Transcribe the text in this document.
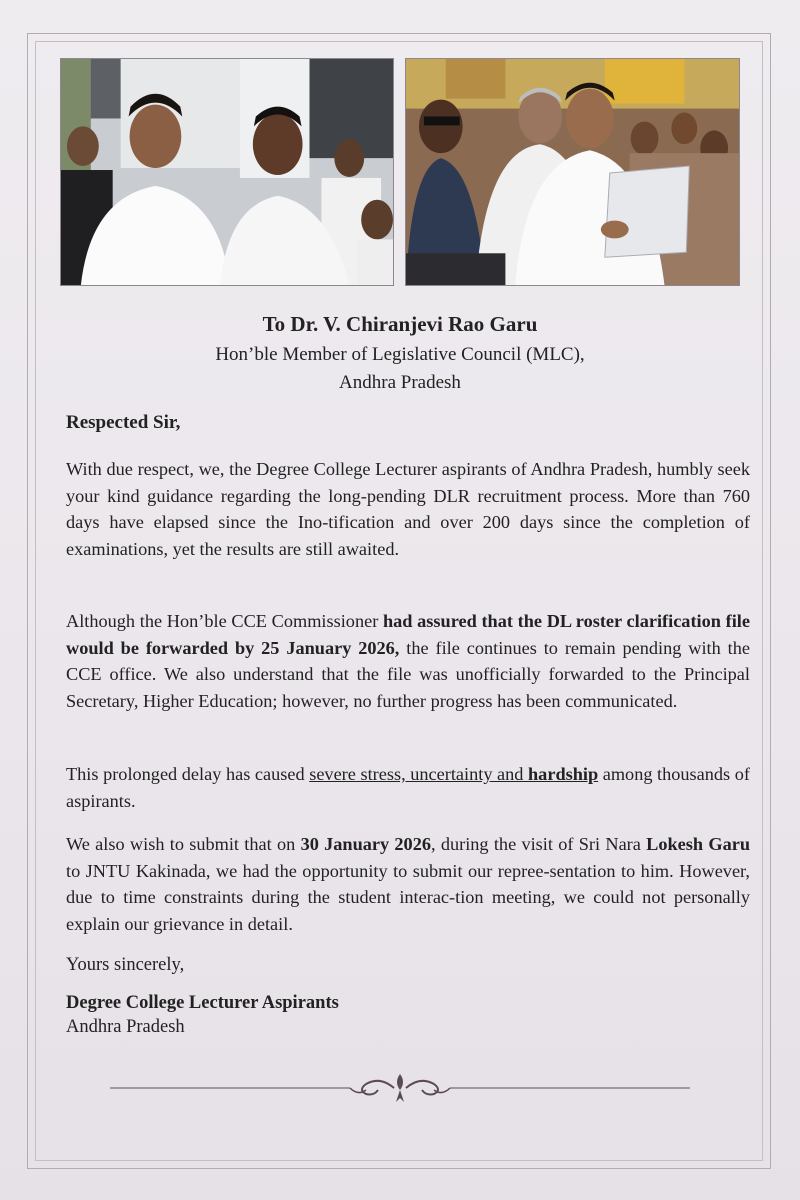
To Dr. V. Chiranjevi Rao Garu
Hon’ble Member of Legislative Council (MLC),
Andhra Pradesh
Respected Sir,
With due respect, we, the Degree College Lecturer aspirants of Andhra Pradesh, humbly seek your kind guidance regarding the long-pending DLR recruitment process. More than 760 days have elapsed since the Ino-tification and over 200 days since the completion of examinations, yet the results are still awaited.
Although the Hon’ble CCE Commissioner had assured that the DL roster clarification file would be forwarded by 25 January 2026, the file continues to remain pending with the CCE office. We also understand that the file was unofficially forwarded to the Principal Secretary, Higher Education; however, no further progress has been communicated.
This prolonged delay has caused severe stress, uncertainty and hardship among thousands of aspirants.
We also wish to submit that on 30 January 2026, during the visit of Sri Nara Lokesh Garu to JNTU Kakinada, we had the opportunity to submit our repree-sentation to him. However, due to time constraints during the student interac-tion meeting, we could not personally explain our grievance in detail.
Yours sincerely,
Degree College Lecturer Aspirants
Andhra Pradesh
